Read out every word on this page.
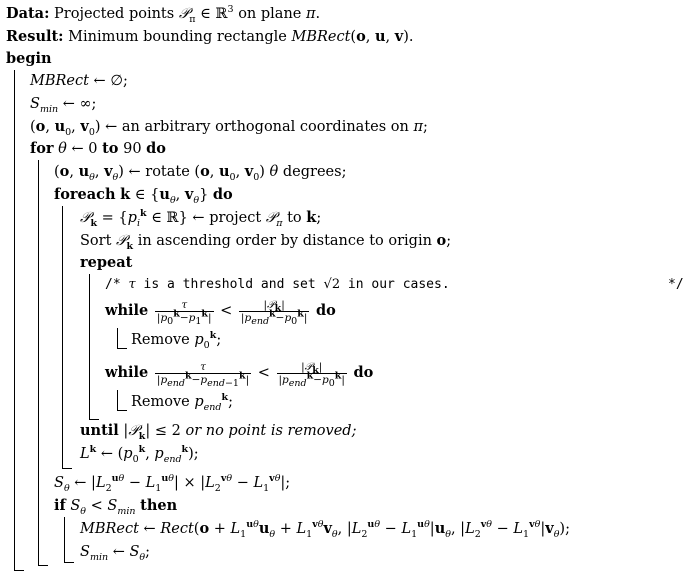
Data: Projected points 𝒫$_\pi$ ∈ ℝ$^3$ on plane π.
Result: Minimum bounding rectangle MBRect(o, u, v).
begin
MBRect ← ∅;
$S_{min}$ ← ∞;
(o, $u_0$, $v_0$) ← an arbitrary orthogonal coordinates on π;
for θ ← 0 to 90 do
(o, $u_\theta$, $v_\theta$) ← rotate (o, $u_0$, $v_0$) θ degrees;
foreach k ∈ {$u_\theta$, $v_\theta$} do
𝒫$_k$ = {$p_i^k$ ∈ ℝ} ← project 𝒫$_\pi$ to k;
Sort 𝒫$_k$ in ascending order by distance to origin o;
repeat
/* τ is a threshold and set √2 in our cases.	*/
while $\frac{\tau}{|p_0^k-p_1^k|} < \frac{|𝒫_k|}{|p_{end}^k-p_0^k|}$ do
Remove $p_0^k$;
while $\frac{\tau}{|p_{end}^k-p_{end-1}^k|} < \frac{|𝒫_k|}{|p_{end}^k-p_0^k|}$ do
Remove $p_{end}^k$;
until |𝒫$_k$| ≤ 2 or no point is removed;
$L^k$ ← ($p_0^k$, $p_{end}^k$);
$S_\theta$ ← $|L_2^{u\theta} - L_1^{u\theta}| \times |L_2^{v\theta} - L_1^{v\theta}|$;
if $S_\theta < S_{min}$ then
MBRect ← Rect(o + $L_1^{u\theta}u_\theta + L_1^{v\theta}v_\theta$, $|L_2^{u\theta} - L_1^{u\theta}|u_\theta$, $|L_2^{v\theta} - L_1^{v\theta}|v_\theta$);
$S_{min}$ ← $S_\theta$;
